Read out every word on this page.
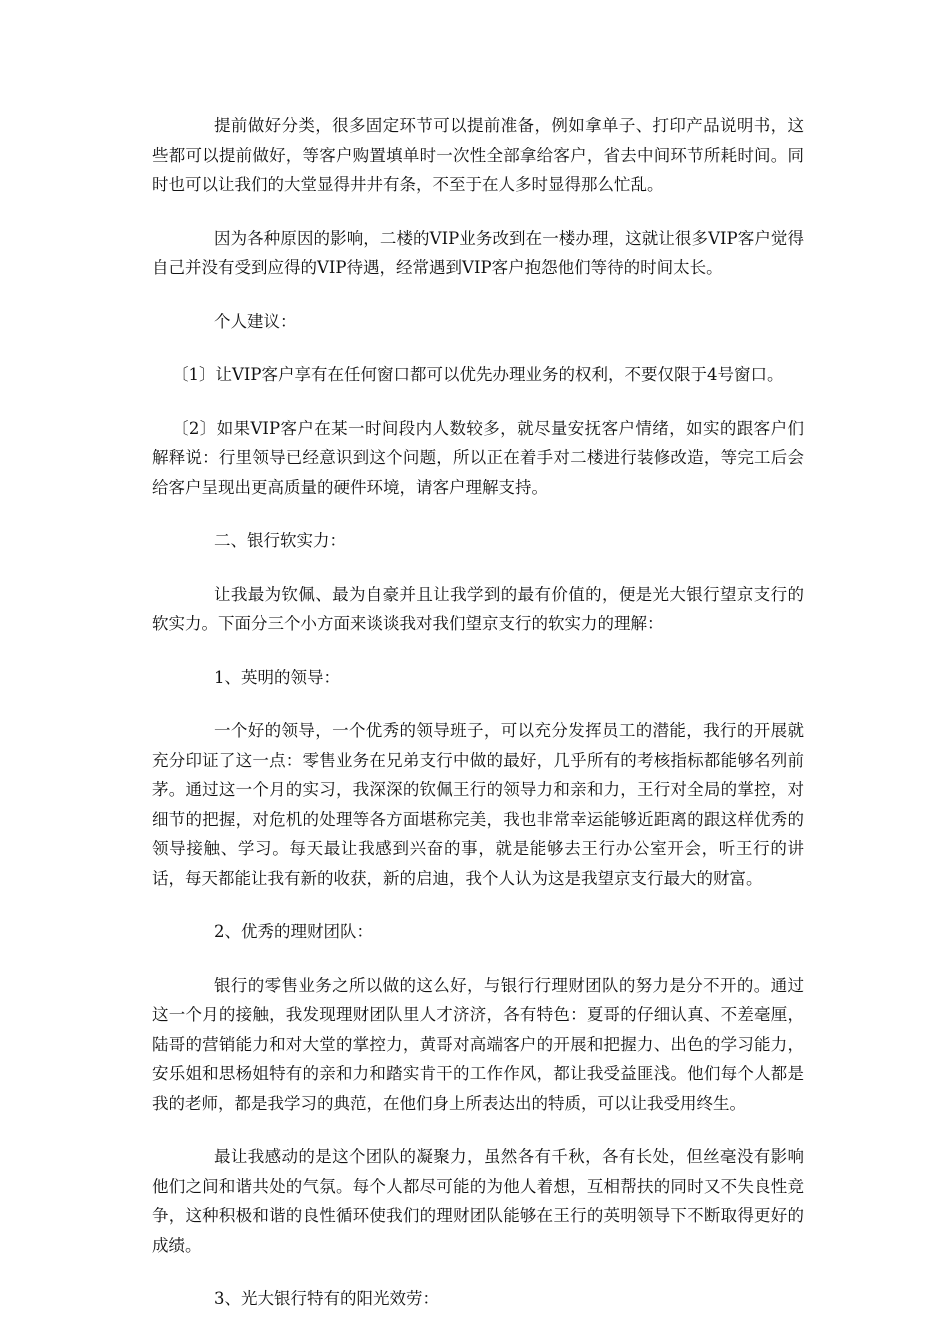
提前做好分类，很多固定环节可以提前准备，例如拿单子、打印产品说明书，这些都可以提前做好，等客户购置填单时一次性全部拿给客户，省去中间环节所耗时间。同时也可以让我们的大堂显得井井有条，不至于在人多时显得那么忙乱。

因为各种原因的影响，二楼的VIP业务改到在一楼办理，这就让很多VIP客户觉得自己并没有受到应得的VIP待遇，经常遇到VIP客户抱怨他们等待的时间太长。

个人建议：

〔1〕让VIP客户享有在任何窗口都可以优先办理业务的权利，不要仅限于4号窗口。

〔2〕如果VIP客户在某一时间段内人数较多，就尽量安抚客户情绪，如实的跟客户们解释说：行里领导已经意识到这个问题，所以正在着手对二楼进行装修改造，等完工后会给客户呈现出更高质量的硬件环境，请客户理解支持。

二、银行软实力：

让我最为钦佩、最为自豪并且让我学到的最有价值的，便是光大银行望京支行的软实力。下面分三个小方面来谈谈我对我们望京支行的软实力的理解：

1、英明的领导：

一个好的领导，一个优秀的领导班子，可以充分发挥员工的潜能，我行的开展就充分印证了这一点：零售业务在兄弟支行中做的最好，几乎所有的考核指标都能够名列前茅。通过这一个月的实习，我深深的钦佩王行的领导力和亲和力，王行对全局的掌控，对细节的把握，对危机的处理等各方面堪称完美，我也非常幸运能够近距离的跟这样优秀的领导接触、学习。每天最让我感到兴奋的事，就是能够去王行办公室开会，听王行的讲话，每天都能让我有新的收获，新的启迪，我个人认为这是我望京支行最大的财富。

2、优秀的理财团队：

银行的零售业务之所以做的这么好，与银行行理财团队的努力是分不开的。通过这一个月的接触，我发现理财团队里人才济济，各有特色：夏哥的仔细认真、不差毫厘，陆哥的营销能力和对大堂的掌控力，黄哥对高端客户的开展和把握力、出色的学习能力，安乐姐和思杨姐特有的亲和力和踏实肯干的工作作风，都让我受益匪浅。他们每个人都是我的老师，都是我学习的典范，在他们身上所表达出的特质，可以让我受用终生。

最让我感动的是这个团队的凝聚力，虽然各有千秋，各有长处，但丝毫没有影响他们之间和谐共处的气氛。每个人都尽可能的为他人着想，互相帮扶的同时又不失良性竞争，这种积极和谐的良性循环使我们的理财团队能够在王行的英明领导下不断取得更好的成绩。

3、光大银行特有的阳光效劳：
